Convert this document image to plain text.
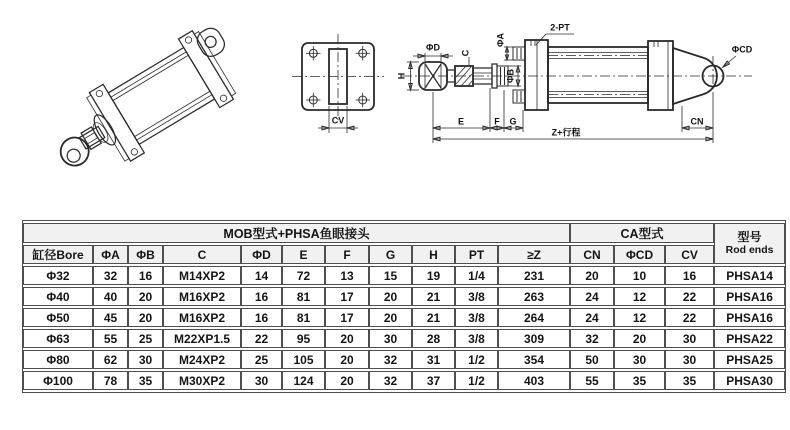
ΦD
C
ΦA
2-PT
ΦB
H
ΦCD
E	F G	CN
Z+行程
CV
MOB型式+PHSA鱼眼接头											CA型式			型号
Rod ends

缸径Bore	ΦA	ΦB	C	ΦD	E	F	G	H	PT	≥Z	CN	ΦCD	CV	
Φ32	32	16	M14XP2	14	72	13	15	19	1/4	231	20	10	16	PHSA14
Φ40	40	20	M16XP2	16	81	17	20	21	3/8	263	24	12	22	PHSA16
Φ50	45	20	M16XP2	16	81	17	20	21	3/8	264	24	12	22	PHSA16
Φ63	55	25	M22XP1.5	22	95	20	30	28	3/8	309	32	20	30	PHSA22
Φ80	62	30	M24XP2	25	105	20	32	31	1/2	354	50	30	30	PHSA25
Φ100	78	35	M30XP2	30	124	20	32	37	1/2	403	55	35	35	PHSA30
